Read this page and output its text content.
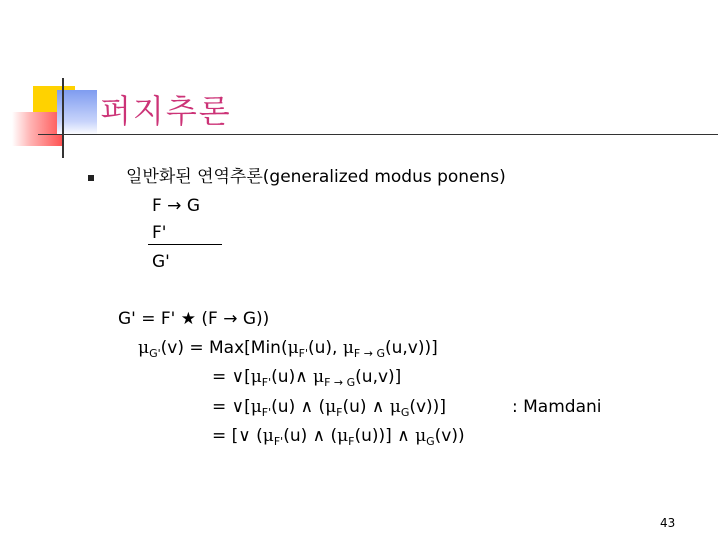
퍼지추론
일반화된 연역추론(generalized modus ponens)
F → G
F'
G'
G' = F' ★ (F → G))
$\mu_{G'}(v) = Max[Min(\mu_{F'}(u)$, $\mu_{F \to G}(u,v)$)]
= $\vee[\mu_{F'}(u)\wedge$ $\mu_{F \to G}(u,v)$]
= $\vee[\mu_{F'}(u)$ ∧ ($\mu_F(u)$ ∧ $\mu_G(v)$)]	: Mamdani
= [∨ ($\mu_{F'}(u)$ ∧ $(\mu_F(u))$] ∧ $\mu_G(v)$)
43
